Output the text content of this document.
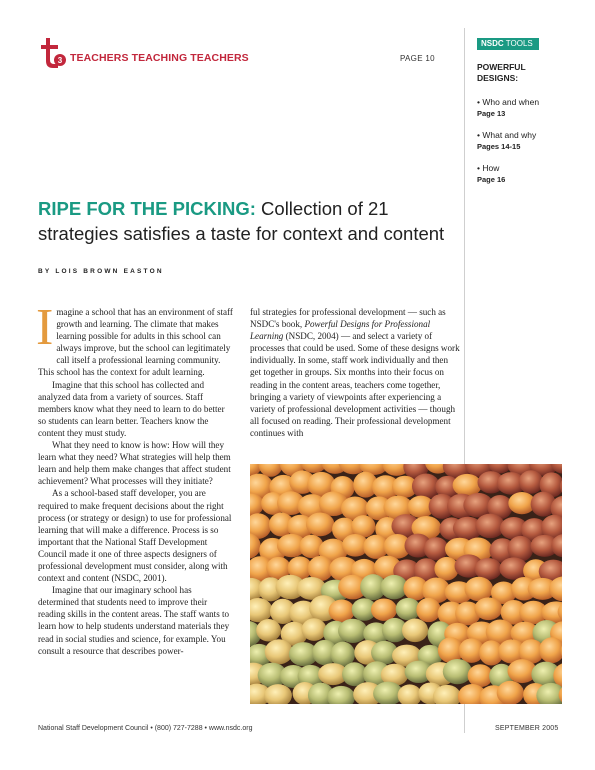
3 TEACHERS TEACHING TEACHERS	PAGE 10
NSDC TOOLS
POWERFUL
DESIGNS:
• Who and when
Page 13
• What and why
Pages 14-15
• How
Page 16
RIPE FOR THE PICKING: Collection of 21 strategies satisfies a taste for context and content
BY LOIS BROWN EASTON

Imagine a school that has an environment of staff growth and learning. The climate that makes learning possible for adults in this school can always improve, but the school can legitimately call itself a professional learning community. This school has the context for adult learning.

Imagine that this school has collected and analyzed data from a variety of sources. Staff members know what they need to learn to do better so students can learn better. Teachers know the content they must study.

What they need to know is how: How will they learn what they need? What strategies will help them learn and help them make changes that affect student achievement? What processes will they initiate?

As a school-based staff developer, you are required to make frequent decisions about the right process (or strategy or design) to use for professional learning that will make a difference. Process is so important that the National Staff Development Council made it one of three aspects designers of professional development must consider, along with context and content (NSDC, 2001).

Imagine that our imaginary school has determined that students need to improve their reading skills in the content areas. The staff wants to learn how to help students understand materials they read in social studies and science, for example. You consult a resource that describes power-

ful strategies for professional development — such as NSDC's book, Powerful Designs for Professional Learning (NSDC, 2004) — and select a variety of processes that could be used. Some of these designs work individually. In some, staff work individually and then get together in groups. Six months into their focus on reading in the content areas, teachers come together, bringing a variety of viewpoints after experiencing a variety of professional development activities — though all focused on reading. Their professional development continues with

National Staff Development Council • (800) 727-7288 • www.nsdc.org	SEPTEMBER 2005
